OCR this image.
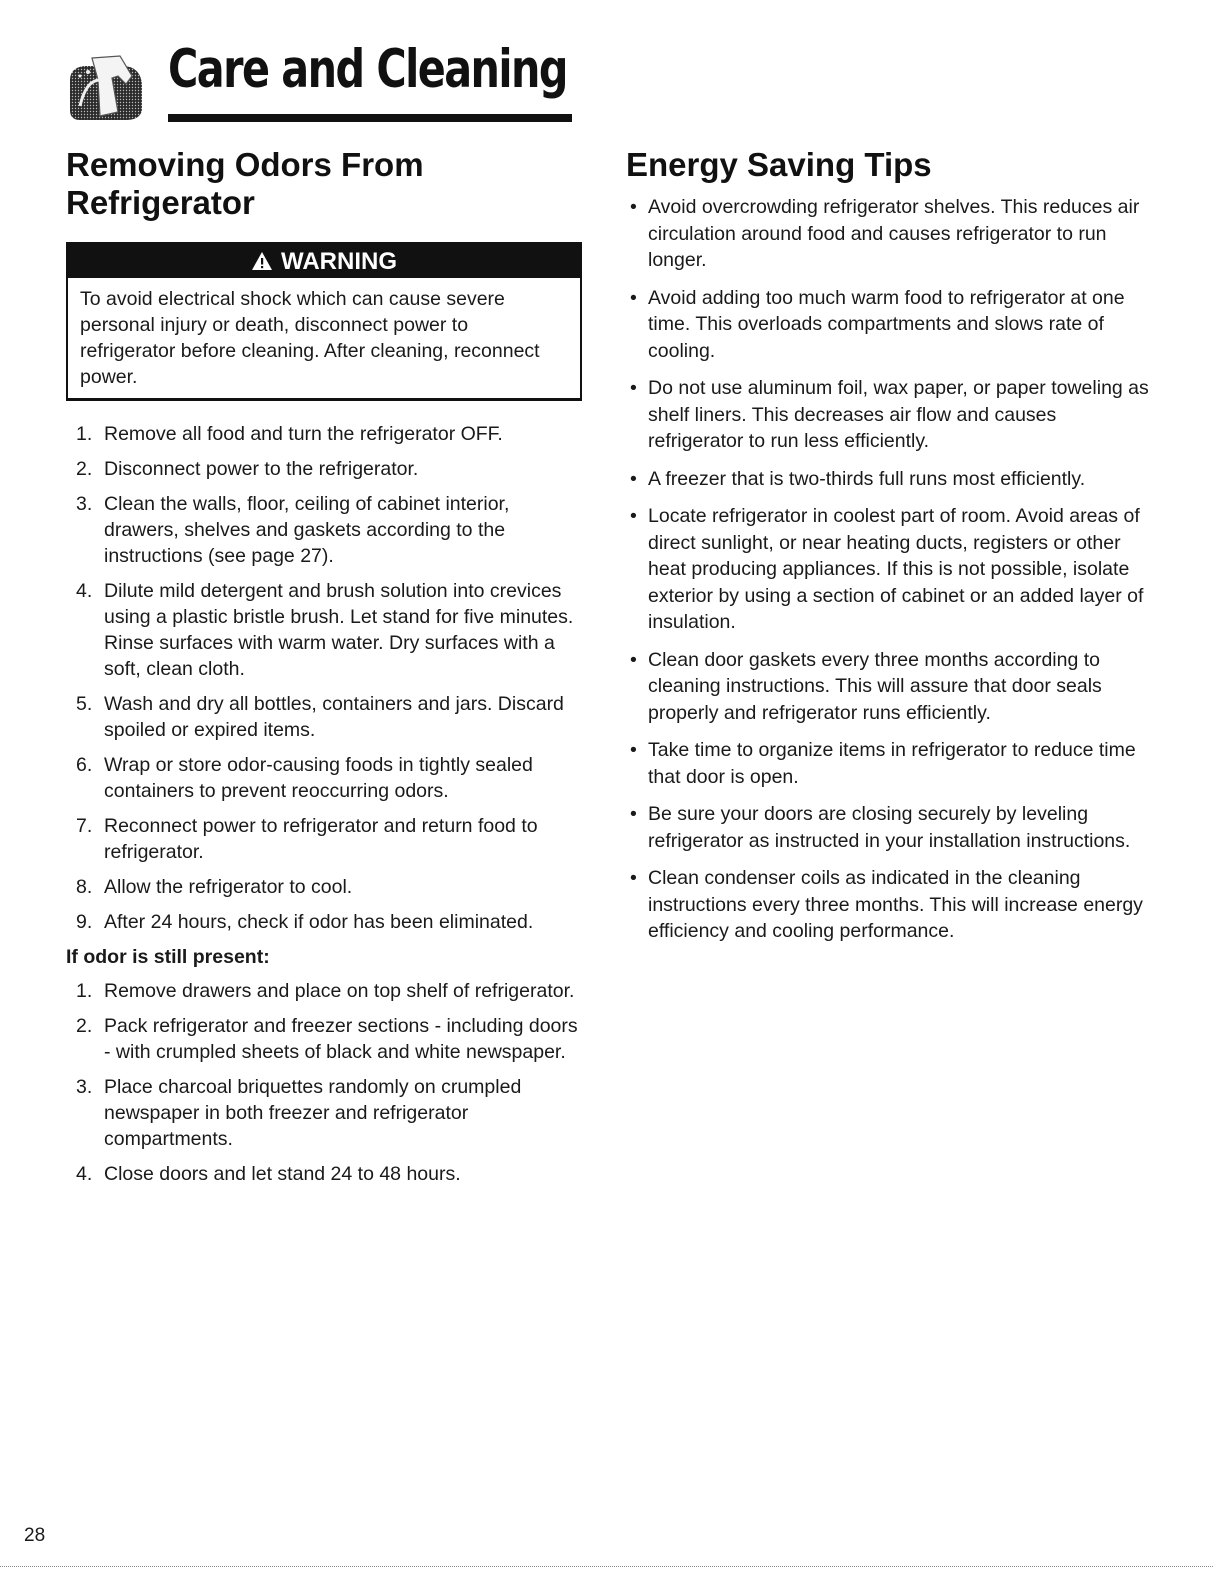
Care and Cleaning
Removing Odors From
Refrigerator
WARNING
To avoid electrical shock which can cause severe personal injury or death, disconnect power to refrigerator before cleaning. After cleaning, reconnect power.
1. Remove all food and turn the refrigerator OFF.
2. Disconnect power to the refrigerator.
3. Clean the walls, floor, ceiling of cabinet interior, drawers, shelves and gaskets according to the instructions (see page 27).
4. Dilute mild detergent and brush solution into crevices using a plastic bristle brush. Let stand for five minutes. Rinse surfaces with warm water. Dry surfaces with a soft, clean cloth.
5. Wash and dry all bottles, containers and jars. Discard spoiled or expired items.
6. Wrap or store odor-causing foods in tightly sealed containers to prevent reoccurring odors.
7. Reconnect power to refrigerator and return food to refrigerator.
8. Allow the refrigerator to cool.
9. After 24 hours, check if odor has been eliminated.
If odor is still present:
1. Remove drawers and place on top shelf of refrigerator.
2. Pack refrigerator and freezer sections - including doors - with crumpled sheets of black and white newspaper.
3. Place charcoal briquettes randomly on crumpled newspaper in both freezer and refrigerator compartments.
4. Close doors and let stand 24 to 48 hours.
Energy Saving Tips
• Avoid overcrowding refrigerator shelves. This reduces air circulation around food and causes refrigerator to run longer.
• Avoid adding too much warm food to refrigerator at one time. This overloads compartments and slows rate of cooling.
• Do not use aluminum foil, wax paper, or paper toweling as shelf liners. This decreases air flow and causes refrigerator to run less efficiently.
• A freezer that is two-thirds full runs most efficiently.
• Locate refrigerator in coolest part of room. Avoid areas of direct sunlight, or near heating ducts, registers or other heat producing appliances. If this is not possible, isolate exterior by using a section of cabinet or an added layer of insulation.
• Clean door gaskets every three months according to cleaning instructions. This will assure that door seals properly and refrigerator runs efficiently.
• Take time to organize items in refrigerator to reduce time that door is open.
• Be sure your doors are closing securely by leveling refrigerator as instructed in your installation instructions.
• Clean condenser coils as indicated in the cleaning instructions every three months. This will increase energy efficiency and cooling performance.
28
